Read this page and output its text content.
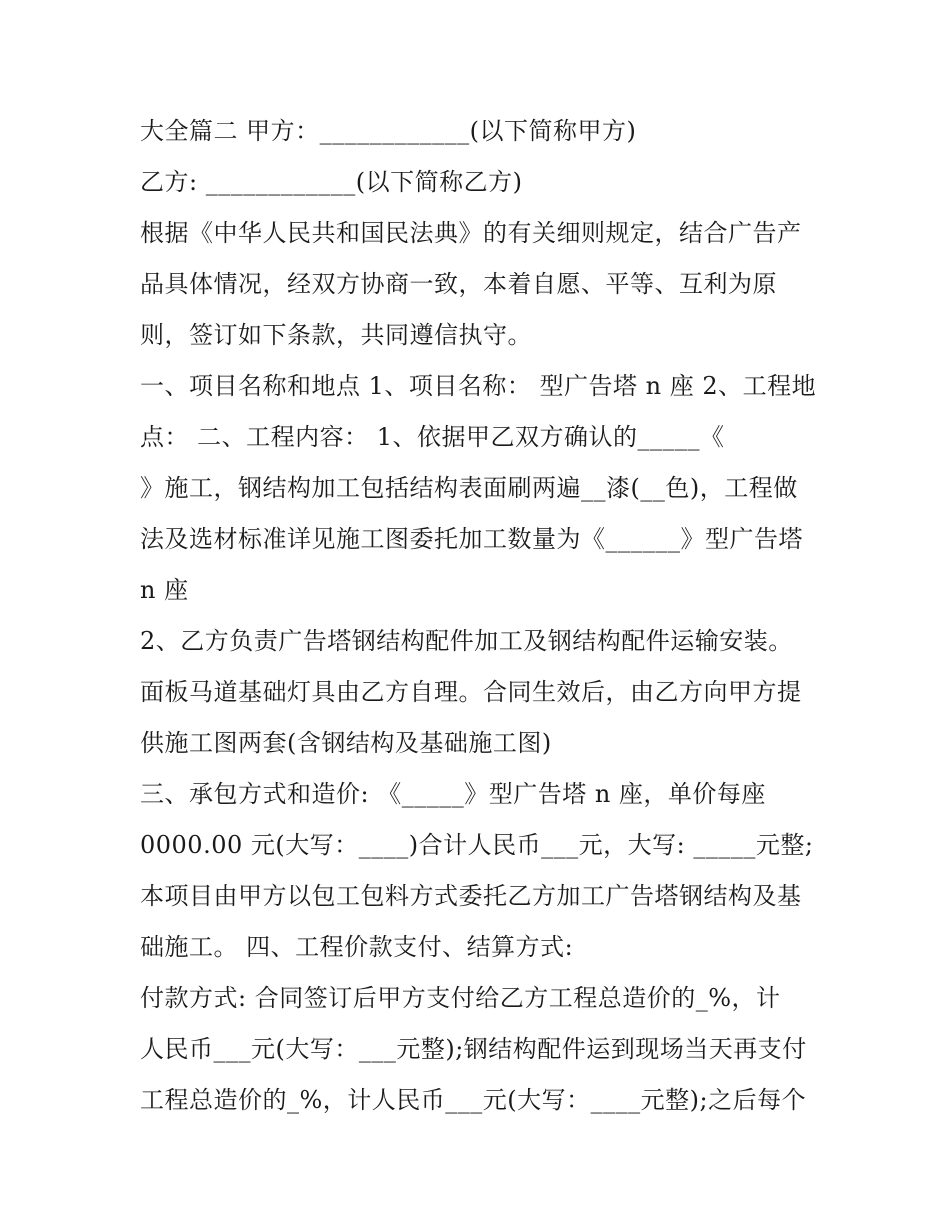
大全篇二 甲方：____________(以下简称甲方)
乙方: ____________(以下简称乙方)
根据《中华人民共和国民法典》的有关细则规定，结合广告产
品具体情况，经双方协商一致，本着自愿、平等、互利为原
则，签订如下条款，共同遵信执守。
一、项目名称和地点 1、项目名称： 型广告塔 n 座 2、工程地
点： 二、工程内容： 1、依据甲乙双方确认的_____《
》施工，钢结构加工包括结构表面刷两遍__漆(__色)，工程做
法及选材标准详见施工图委托加工数量为《______》型广告塔
n 座
2、乙方负责广告塔钢结构配件加工及钢结构配件运输安装。
面板马道基础灯具由乙方自理。合同生效后，由乙方向甲方提
供施工图两套(含钢结构及基础施工图)
三、承包方式和造价: 《_____》型广告塔 n 座，单价每座
0000.00 元(大写：____)合计人民币___元，大写: _____元整;
本项目由甲方以包工包料方式委托乙方加工广告塔钢结构及基
础施工。 四、工程价款支付、结算方式:
付款方式: 合同签订后甲方支付给乙方工程总造价的_%，计
人民币___元(大写：___元整);钢结构配件运到现场当天再支付
工程总造价的_%，计人民币___元(大写：____元整);之后每个
